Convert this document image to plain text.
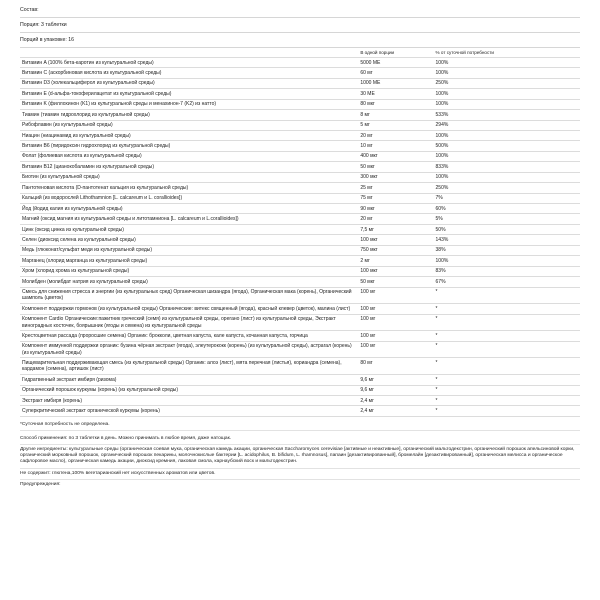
Состав:
Порция: 3 таблетки
Порций в упаковке: 16
	В одной порции	% от суточной потребности
Витамин A (100% бета-каротин из культуральной среды)	5000 МЕ	100%
Витамин C (аскорбиновая кислота из культуральной среды)	60 мг	100%
Витамин D3 (холекальциферол из культуральной среды)	1000 МЕ	250%
Витамин E (d-альфа-токоферилацетат из культуральной среды)	30 МЕ	100%
Витамин K (филлохинон (K1) из культуральной среды и менахинон-7 (K2) из натто)	80 мкг	100%
Тиамин (тиамин гидрохлорид из культуральной среды)	8 мг	533%
Рибофлавин (из культуральной среды)	5 мг	294%
Ниацин (ниацинамид из культуральной среды)	20 мг	100%
Витамин B6 (пиридоксин гидрохлорид из культуральной среды)	10 мг	500%
Фолат (фолиевая кислота из культуральной среды)	400 мкг	100%
Витамин B12 (цианокобаламин из культуральной среды)	50 мкг	833%
Биотин (из культуральной среды)	300 мкг	100%
Пантотеновая кислота (D-пантотенат кальция из культуральной среды)	25 мг	250%
Кальций (из водорослей Lithothamnion [L. calcareum и L. corallioides])	75 мг	7%
Йод (йодид калия из культуральной среды)	90 мкг	60%
Магний (оксид магния из культуральной среды и литотамниона [L. calcareum и L.corallioides])	20 мг	5%
Цинк (оксид цинка из культуральной среды)	7,5 мг	50%
Селен (диоксид селена из культуральной среды)	100 мкг	143%
Медь (глюконат/сульфат меди из культуральной среды)	750 мкг	38%
Марганец (хлорид марганца из культуральной среды)	2 мг	100%
Хром (хлорид хрома из культуральной среды)	100 мкг	83%
Молибден (молибдат натрия из культуральной среды)	50 мкг	67%
Смесь для снижения стресса и энергии (из культуральных сред) Органическая шизандра (ягода), Органическая мака (корень), Органический шамполь (цветок)	100 мг	*
Компонент поддержки гормонов (из культуральной среды) Органические: витекс священный (ягода), красный клевер (цветок), малина (лист)	100 мг	*
Компонент Cardio Органические:пажитник греческий (семя) из культуральной среды, орегано (лист) из культуральной среды, Экстракт виноградных косточек, боярышник (ягоды и семена) из культуральной среды	100 мг	*
Крестоцветная рассада (проросшие семена) Органик: брокколи, цветная капуста, кале капуста, кочанная капуста, горчица	100 мг	*
Компонент иммунной поддержки органик: бузина чёрная экстракт (ягода), элеутерококк (корень) (из культуральной среды), астрагал (корень) (из культуральной среды)	100 мг	*
Пищеварительная поддерживающая смесь (из культуральной среды) Органик: алоэ (лист), мята перечная (листья), кориандра (семена), кардамон (семена), артишок (лист)	80 мг	*
Гидратвенный экстракт имбиря (ризома)	9,6 мг	*
Органический порошок куркумы (корень) (из культуральной среды)	9,6 мг	*
Экстракт имбиря (корень)	2,4 мг	*
Суперкритический экстракт органической куркумы (корень)	2,4 мг	*

*Суточная потребность не определена.

Способ применения: по 3 таблетки в день. Можно принимать в любое время, даже натощак.

Другие ингредиенты: культуральные среды (органическая соевая мука, органическая камедь акации, органическая Saccharomyces cerevisiae [активные и неактивные], органический мальтодекстрин, органический порошок апельсиновой корки, органический морковный порошок, органический порошок пекарины, молочнокислые бактерии [L. acidophilus, B. bifidum, L. rhamnosus], папаин [дезактивированный], бромелайн [дезактивированный], органическая мелисса и органическое сафлоровое масло), органическая камедь акации, диоксид кремния, лаковая смола, карнаубский воск и мальтодекстрин.

Не содержит: глютена,100% вегетарианский нет искусственных ароматов или цветов.

Предупреждения:
